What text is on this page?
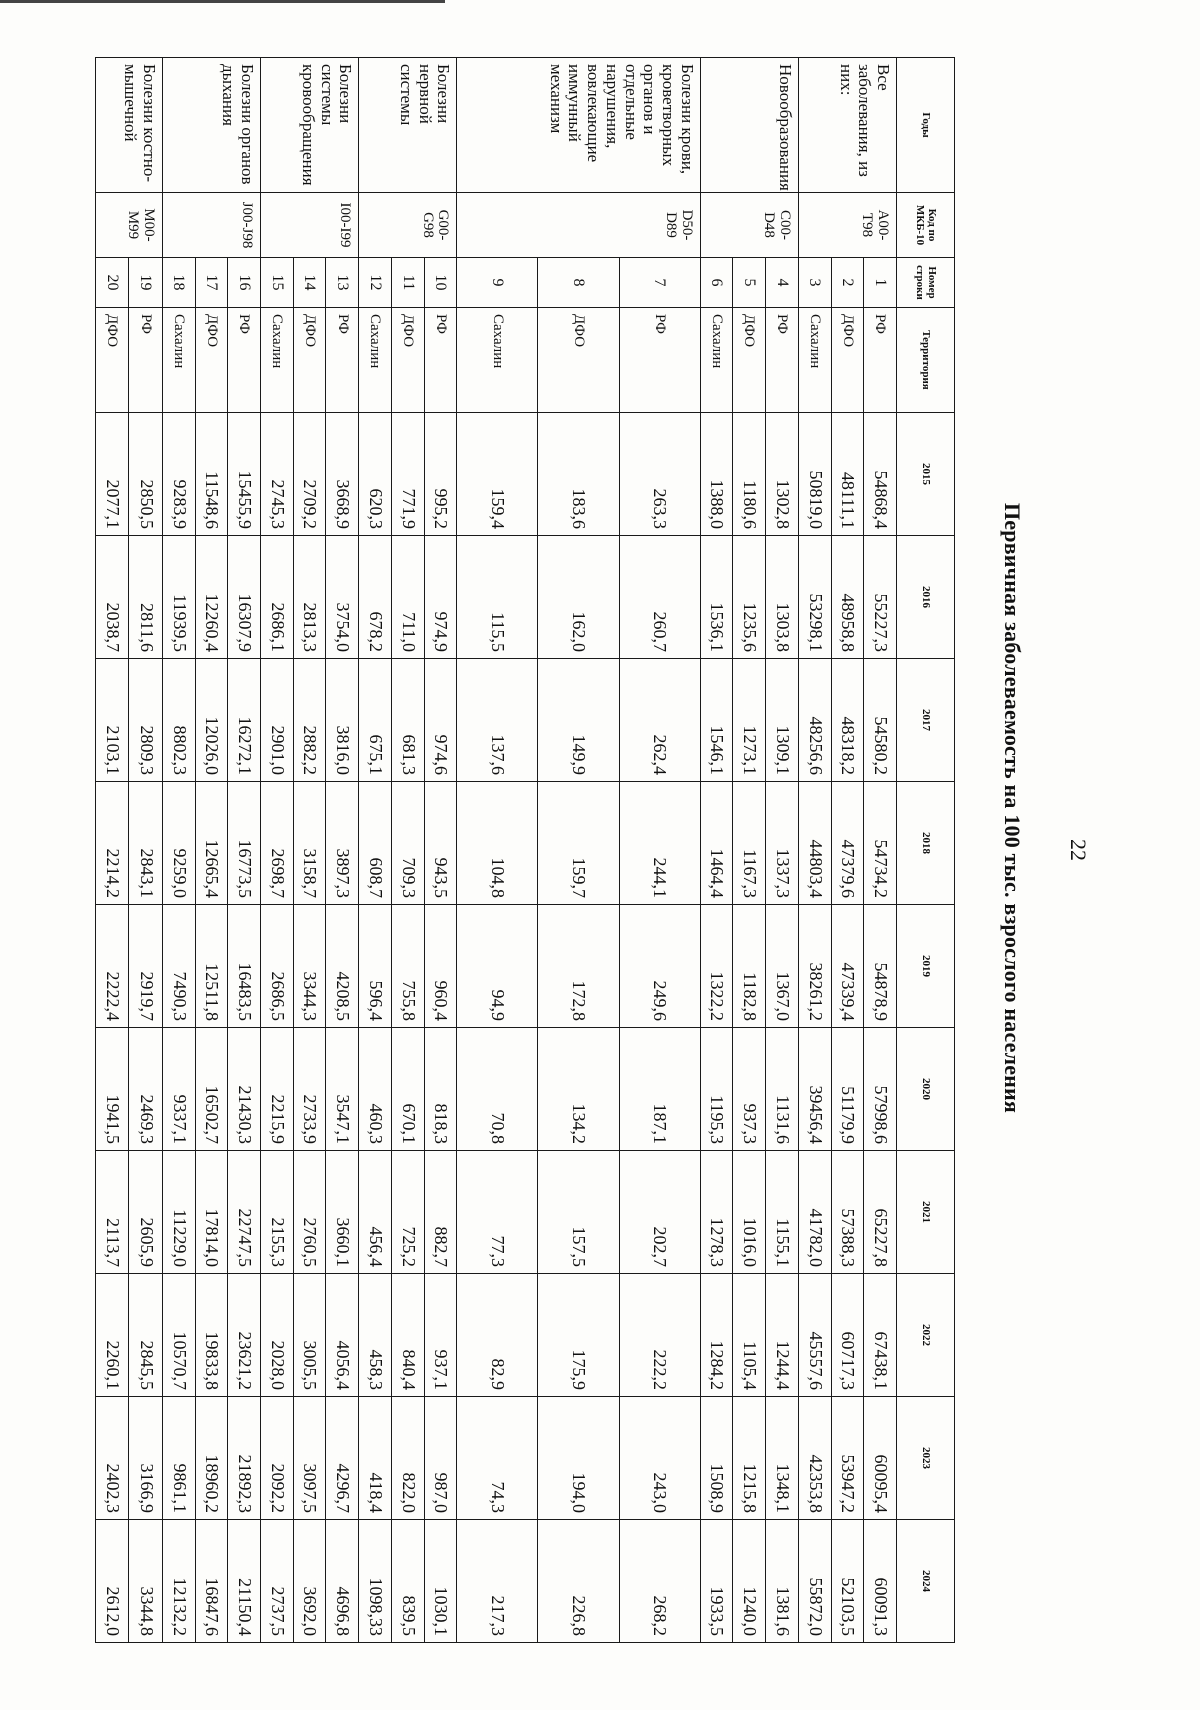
22
Первичная заболеваемость на 100 тыс. взрослого населения
Годы	Код по МКБ-10	Номер строки	Территория	2015	2016	2017	2018	2019	2020	2021	2022	2023	2024
Все заболевания, из них:	А00-Т98	1	РФ	54868,4	55227,3	54580,2	54734,2	54878,9	57998,6	65227,8	67438,1	60095,4	60091,3
		2	ДФО	48111,1	48958,8	48318,2	47379,6	47339,4	51179,9	57388,3	60717,3	53947,2	52103,5
		3	Сахалин	50819,0	53298,1	48256,6	44803,4	38261,2	39456,4	41782,0	45557,6	42353,8	55872,0
Новообразования	С00-D48	4	РФ	1302,8	1303,8	1309,1	1337,3	1367,0	1131,6	1155,1	1244,4	1348,1	1381,6
		5	ДФО	1180,6	1235,6	1273,1	1167,3	1182,8	937,3	1016,0	1105,4	1215,8	1240,0
		6	Сахалин	1388,0	1536,1	1546,1	1464,4	1322,2	1195,3	1278,3	1284,2	1508,9	1933,5
Болезни крови, кроветворных органов и отдельные нарушения, вовлекающие иммунный механизм	D50-D89	7	РФ	263,3	260,7	262,4	244,1	249,6	187,1	202,7	222,2	243,0	268,2
		8	ДФО	183,6	162,0	149,9	159,7	172,8	134,2	157,5	175,9	194,0	226,8
		9	Сахалин	159,4	115,5	137,6	104,8	94,9	70,8	77,3	82,9	74,3	217,3
Болезни нервной системы	G00-G98	10	РФ	995,2	974,9	974,6	943,5	960,4	818,3	882,7	937,1	987,0	1030,1
		11	ДФО	771,9	711,0	681,3	709,3	755,8	670,1	725,2	840,4	822,0	839,5
		12	Сахалин	620,3	678,2	675,1	608,7	596,4	460,3	456,4	458,3	418,4	1098,33
Болезни системы кровообращения	I00-I99	13	РФ	3668,9	3754,0	3816,0	3897,3	4208,5	3547,1	3660,1	4056,4	4296,7	4696,8
		14	ДФО	2709,2	2813,3	2882,2	3158,7	3344,3	2733,9	2760,5	3005,5	3097,5	3692,0
		15	Сахалин	2745,3	2686,1	2901,0	2698,7	2686,5	2215,9	2155,3	2028,0	2092,2	2737,5
Болезни органов дыхания	J00-J98	16	РФ	15455,9	16307,9	16272,1	16773,5	16483,5	21430,3	22747,5	23621,2	21892,3	21150,4
		17	ДФО	11548,6	12260,4	12026,0	12665,4	12511,8	16502,7	17814,0	19833,8	18960,2	16847,6
		18	Сахалин	9283,9	11939,5	8802,3	9259,0	7490,3	9337,1	11229,0	10570,7	9861,1	12132,2
Болезни костно-мышечной	M00-M99	19	РФ	2850,5	2811,6	2809,3	2843,1	2919,7	2469,3	2605,9	2845,5	3166,9	3344,8
		20	ДФО	2077,1	2038,7	2103,1	2214,2	2222,4	1941,5	2113,7	2260,1	2402,3	2612,0
